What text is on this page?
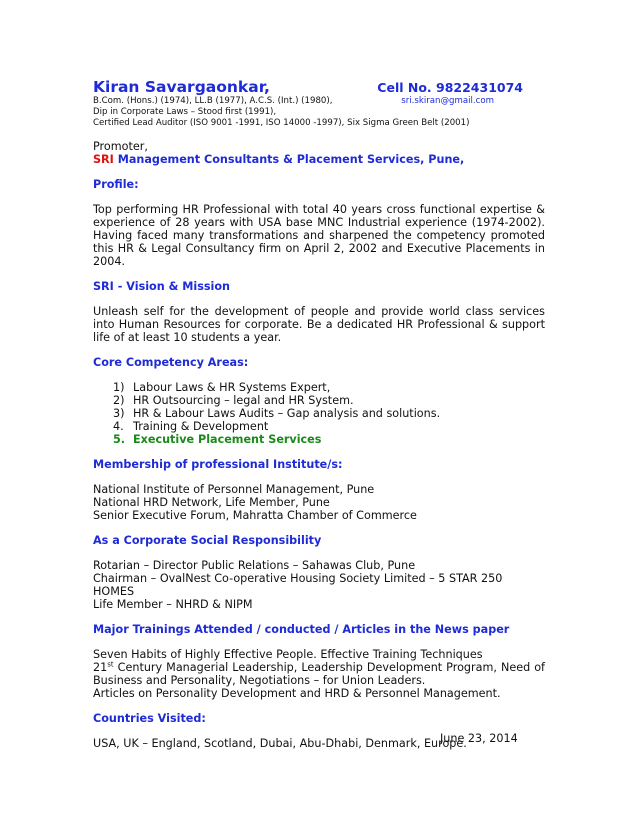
Kiran Savargaonkar,	Cell No. 9822431074
B.Com. (Hons.) (1974), LL.B (1977), A.C.S. (Int.) (1980),	sri.skiran@gmail.com
Dip in Corporate Laws – Stood first (1991),
Certified Lead Auditor (ISO 9001 -1991, ISO 14000 -1997), Six Sigma Green Belt (2001)
Promoter,
SRI Management Consultants & Placement Services, Pune,
Profile:
Top performing HR Professional with total 40 years cross functional expertise & experience of 28 years with USA base MNC Industrial experience (1974-2002). Having faced many transformations and sharpened the competency promoted this HR & Legal Consultancy firm on April 2, 2002 and Executive Placements in 2004.
SRI - Vision & Mission
Unleash self for the development of people and provide world class services into Human Resources for corporate. Be a dedicated HR Professional & support life of at least 10 students a year.
Core Competency Areas:
1) Labour Laws & HR Systems Expert,
2) HR Outsourcing – legal and HR System.
3) HR & Labour Laws Audits – Gap analysis and solutions.
4. Training & Development
5. Executive Placement Services
Membership of professional Institute/s:
National Institute of Personnel Management, Pune
National HRD Network, Life Member, Pune
Senior Executive Forum, Mahratta Chamber of Commerce
As a Corporate Social Responsibility
Rotarian – Director Public Relations – Sahawas Club, Pune
Chairman – OvalNest Co-operative Housing Society Limited – 5 STAR 250 HOMES
Life Member – NHRD & NIPM
Major Trainings Attended / conducted / Articles in the News paper
Seven Habits of Highly Effective People. Effective Training Techniques
21st Century Managerial Leadership, Leadership Development Program, Need of Business and Personality, Negotiations – for Union Leaders.
Articles on Personality Development and HRD & Personnel Management.
Countries Visited:
USA, UK – England, Scotland, Dubai, Abu-Dhabi, Denmark, Europe.
June 23, 2014
